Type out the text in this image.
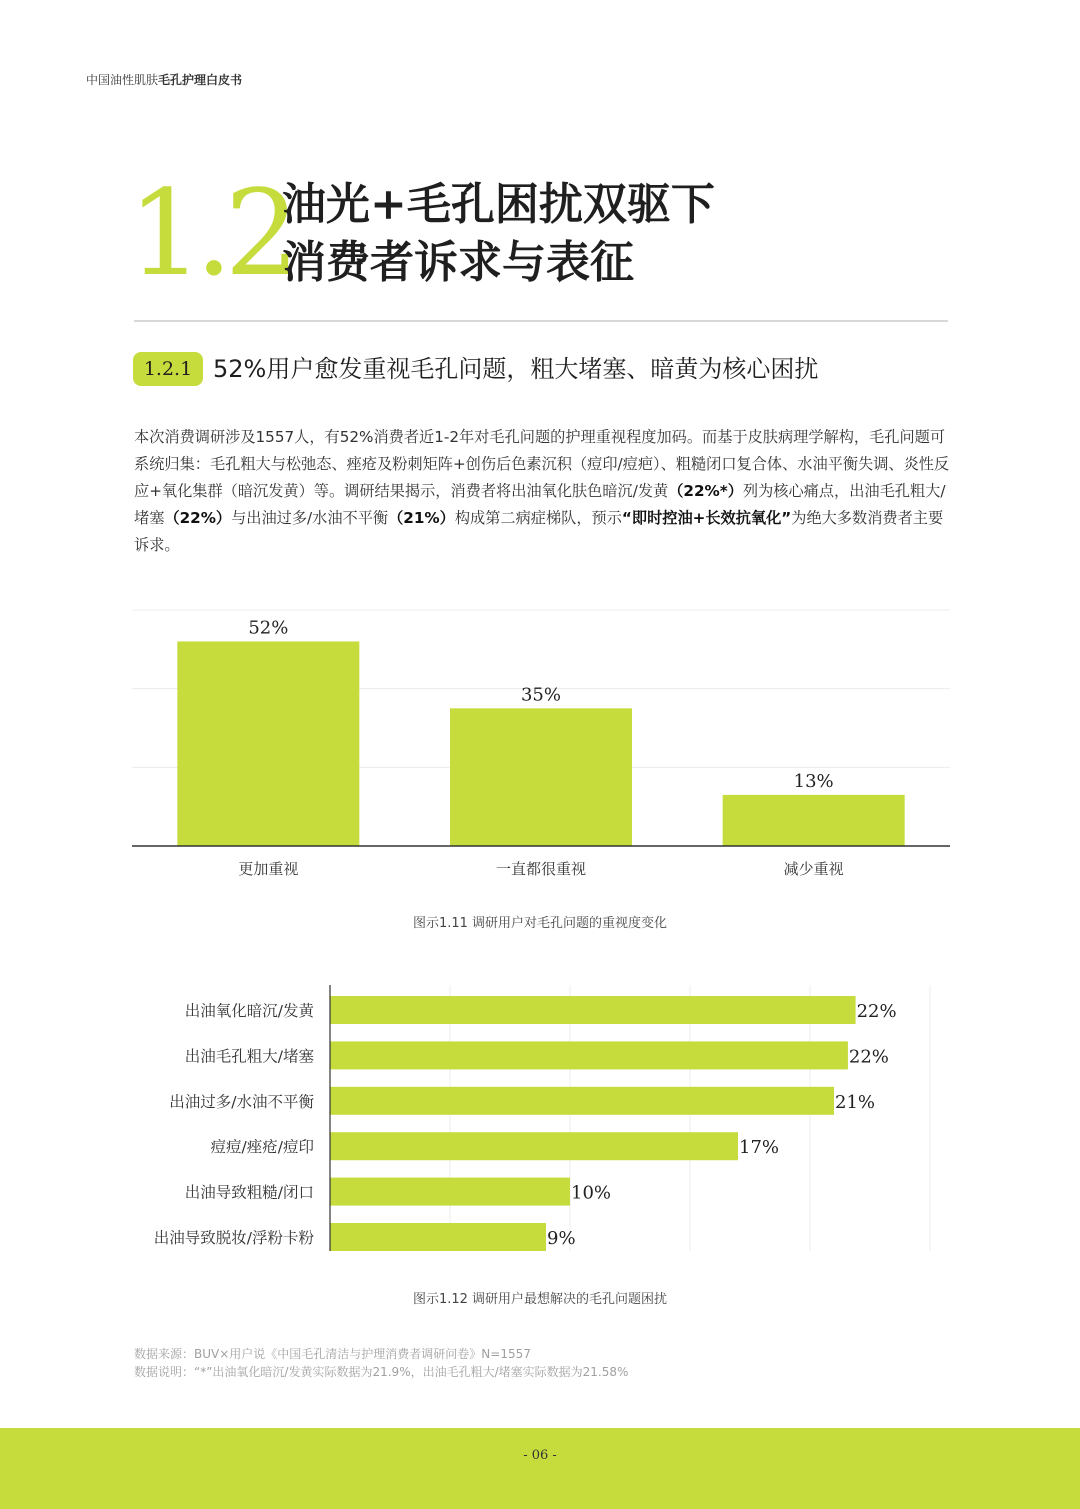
中国油性肌肤毛孔护理白皮书
1.2
油光+毛孔困扰双驱下
消费者诉求与表征
1.2.1 52%用户愈发重视毛孔问题，粗大堵塞、暗黄为核心困扰
本次消费调研涉及1557人，有52%消费者近1-2年对毛孔问题的护理重视程度加码。而基于皮肤病理学解构，毛孔问题可系统归集：毛孔粗大与松弛态、痤疮及粉刺矩阵+创伤后色素沉积（痘印/痘疤）、粗糙闭口复合体、水油平衡失调、炎性反应+氧化集群（暗沉发黄）等。调研结果揭示，消费者将出油氧化肤色暗沉/发黄（22%*）列为核心痛点，出油毛孔粗大/堵塞（22%）与出油过多/水油不平衡（21%）构成第二病症梯队，预示“即时控油+长效抗氧化”为绝大多数消费者主要诉求。
52%
更加重视
35%
一直都很重视
13%
减少重视
图示1.11 调研用户对毛孔问题的重视度变化
22%
出油氧化暗沉/发黄
22%
出油毛孔粗大/堵塞
21%
出油过多/水油不平衡
17%
痘痘/痤疮/痘印
10%
出油导致粗糙/闭口
9%
出油导致脱妆/浮粉卡粉
图示1.12 调研用户最想解决的毛孔问题困扰
数据来源：BUV×用户说《中国毛孔清洁与护理消费者调研问卷》N=1557
数据说明：“*”出油氧化暗沉/发黄实际数据为21.9%，出油毛孔粗大/堵塞实际数据为21.58%
- 06 -
